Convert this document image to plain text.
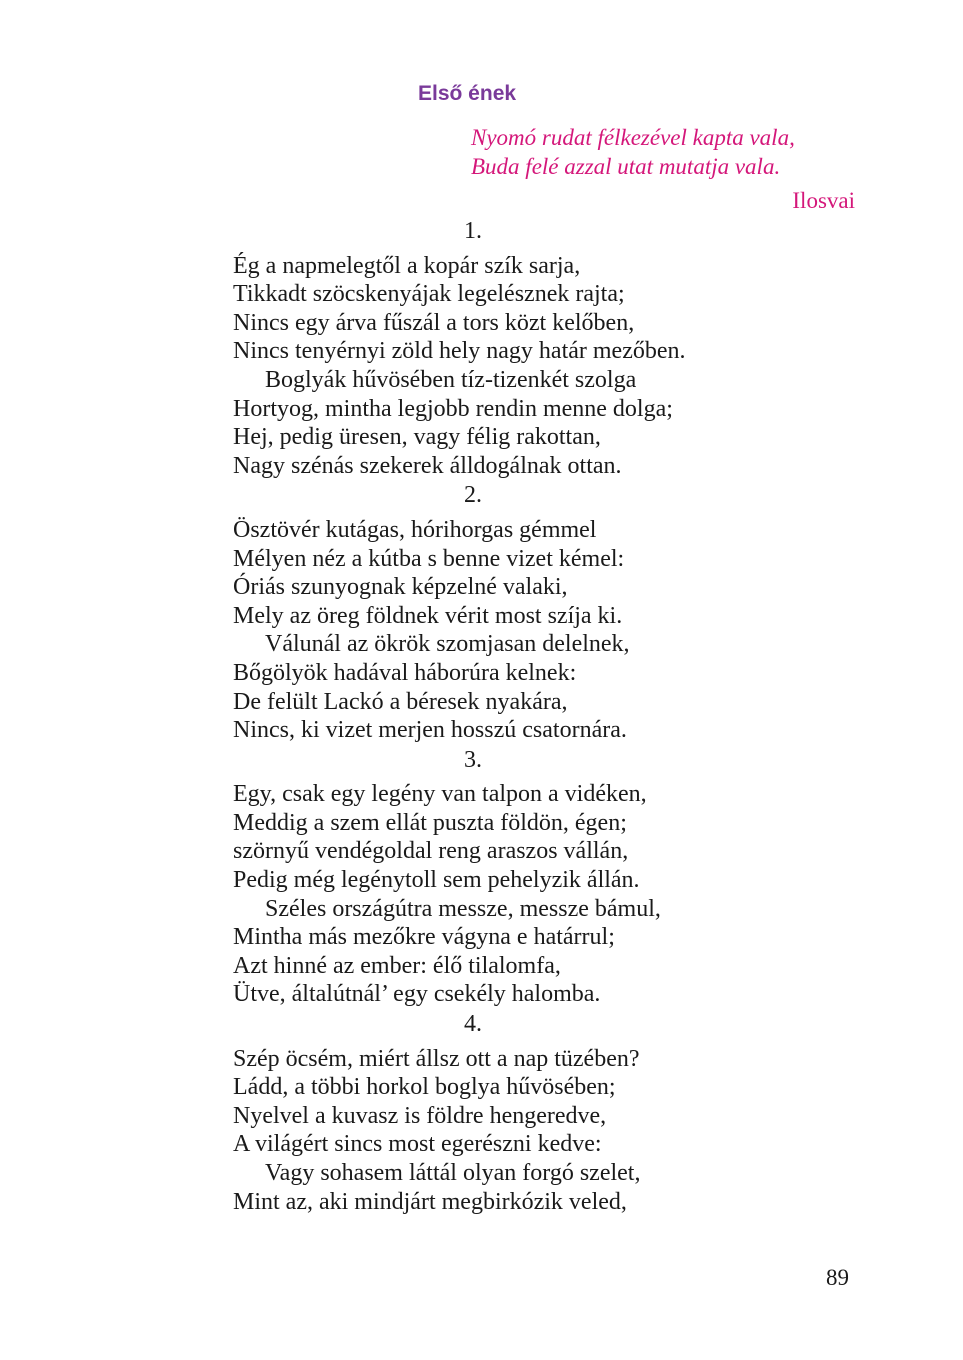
Első ének
Nyomó rudat félkezével kapta vala,
Buda felé azzal utat mutatja vala.
Ilosvai
1.
Ég a napmelegtől a kopár szík sarja,
Tikkadt szöcskenyájak legelésznek rajta;
Nincs egy árva fűszál a tors közt kelőben,
Nincs tenyérnyi zöld hely nagy határ mezőben.
Boglyák hűvösében tíz-tizenkét szolga
Hortyog, mintha legjobb rendin menne dolga;
Hej, pedig üresen, vagy félig rakottan,
Nagy szénás szekerek álldogálnak ottan.
2.
Ösztövér kutágas, hórihorgas gémmel
Mélyen néz a kútba s benne vizet kémel:
Óriás szunyognak képzelné valaki,
Mely az öreg földnek vérit most szíja ki.
Válunál az ökrök szomjasan delelnek,
Bőgölyök hadával háborúra kelnek:
De felült Lackó a béresek nyakára,
Nincs, ki vizet merjen hosszú csatornára.
3.
Egy, csak egy legény van talpon a vidéken,
Meddig a szem ellát puszta földön, égen;
szörnyű vendégoldal reng araszos vállán,
Pedig még legénytoll sem pehelyzik állán.
Széles országútra messze, messze bámul,
Mintha más mezőkre vágyna e határrul;
Azt hinné az ember: élő tilalomfa,
Ütve, általútnál’ egy csekély halomba.
4.
Szép öcsém, miért állsz ott a nap tüzében?
Ládd, a többi horkol boglya hűvösében;
Nyelvel a kuvasz is földre hengeredve,
A világért sincs most egerészni kedve:
Vagy sohasem láttál olyan forgó szelet,
Mint az, aki mindjárt megbirkózik veled,
89
